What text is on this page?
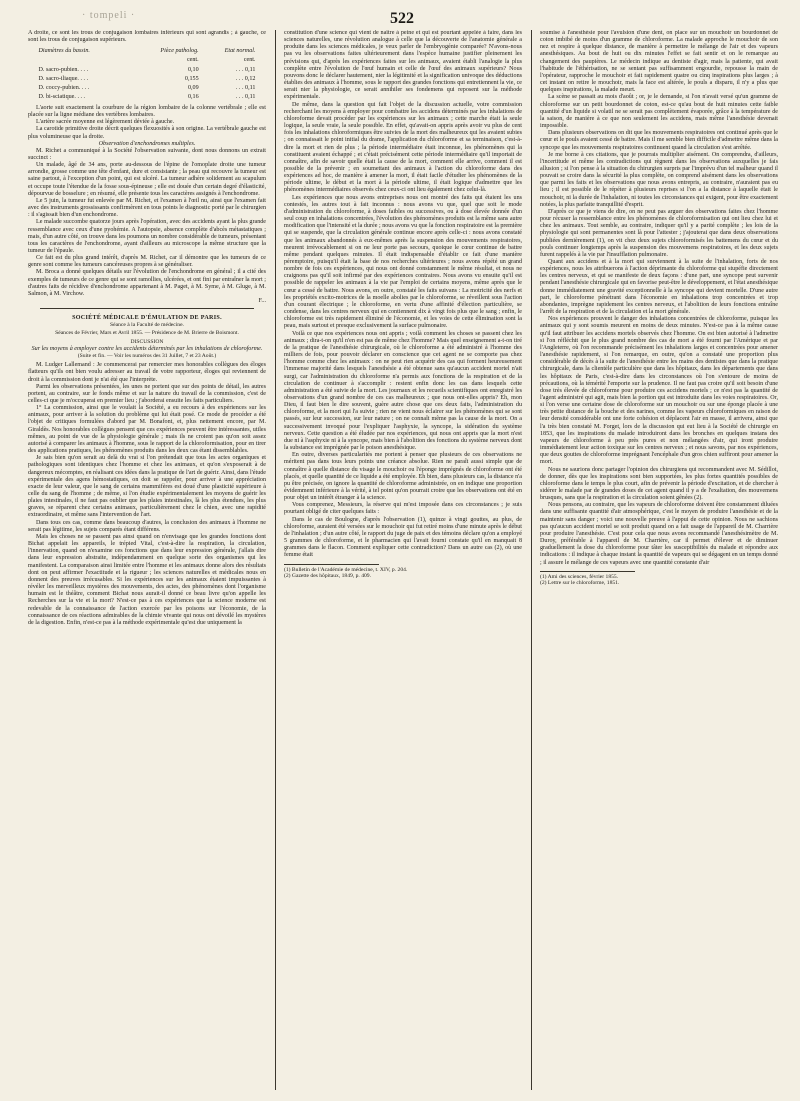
· tompeli ·	522

A droite, ce sont les trous de conjugaison lombaires inférieurs qui sont agrandis ; à gauche, ce sont les trous de conjugaison supérieurs.

Diamètres du bassin.	Pièce patholog.	Etat normal.
	cent.	cent.
D. sacro-pubien. . . .	0,10	. . . 0,11
D. sacro-iliaque. . . .	0,155	. . . 0,12
D. coccy-pubien. . . .	0,09	. . . 0,11
D. bi-sciatique. . . .	0,16	. . . 0,11

L'aorte suit exactement la courbure de la région lombaire de la colonne vertébrale ; elle est placée sur la ligne médiane des vertèbres lombaires.

L'artère sacrée moyenne est légèrement déviée à gauche.

La carotide primitive droite décrit quelques flexuosités à son origine. La vertébrale gauche est plus volumineuse que la droite.

Observation d'enchondromes multiples.

M. Richet a communiqué à la Société l'observation suivante, dont nous donnons un extrait succinct :

Un malade, âgé de 34 ans, porte au-dessous de l'épine de l'omoplate droite une tumeur arrondie, grosse comme une tête d'enfant, dure et consistante ; la peau qui recouvre la tumeur est saine partout, à l'exception d'un point, qui est ulcéré. La tumeur adhère solidement au scapulum et occupe toute l'étendue de la fosse sous-épineuse ; elle est douée d'un certain degré d'élasticité, dépourvue de bosselure ; en résumé, elle présente tous les caractères assignés à l'enchondrome.

Le 5 juin, la tumeur fut enlevée par M. Richet, et l'examen à l'œil nu, ainsi que l'examen fait avec des instruments grossissants confirmèrent en tous points le diagnostic porté par le chirurgien : il s'agissait bien d'un enchondrome.

Le malade succombe quatorze jours après l'opération, avec des accidents ayant la plus grande ressemblance avec ceux d'une pyohémie. A l'autopsie, absence complète d'abcès métastatiques ; mais, d'un autre côté, on trouve dans les poumons un nombre considérable de tumeurs, présentant tous les caractères de l'enchondrome, ayant d'ailleurs au microscope la même structure que la tumeur de l'épaule.

Ce fait est du plus grand intérêt, d'après M. Richet, car il démontre que les tumeurs de ce genre sont comme les tumeurs cancéreuses propres à se généraliser.

M. Broca a donné quelques détails sur l'évolution de l'enchondrome en général ; il a cité des exemples de tumeurs de ce genre qui se sont ramollies, ulcérées, et ont fini par entraîner la mort ; d'autres faits de récidive d'enchondrome appartenant à M. Paget, à M. Syme, à M. Gluge, à M. Salmon, à M. Virchow.

F...

SOCIÉTÉ MÉDICALE D'ÉMULATION DE PARIS.

Séance à la Faculté de médecine.

Séances de Février, Mars et Avril 1855. — Présidence de M. Brierre de Boismont.

DISCUSSION

Sur les moyens à employer contre les accidents déterminés par les inhalations de chloroforme.

(Suite et fin. — Voir les numéros des 31 Juillet, 7 et 23 Août.)

M. Ludger Lallemand : Je commencerai par remercier mes honorables collègues des éloges flatteurs qu'ils ont bien voulu adresser au travail de votre rapporteur, éloges qui reviennent de droit à la commission dont je n'ai été que l'interprète.

Parmi les observations présentées, les unes ne portent que sur des points de détail, les autres portent, au contraire, sur le fonds même et sur la nature du travail de la commission, c'est de celles-ci que je m'occuperai en premier lieu ; j'aborderai ensuite les faits particuliers.

1° La commission, ainsi que le voulait la Société, a eu recours à des expériences sur les animaux, pour arriver à la solution du problème qui lui était posé. Ce mode de procéder a été l'objet de critiques formulées d'abord par M. Bonafont, et, plus nettement encore, par M. Giraldès. Nos honorables collègues pensent que ces expériences peuvent être intéressantes, utiles mêmes, au point de vue de la physiologie générale ; mais ils ne croient pas qu'on soit assez autorisé à comparer les animaux à l'homme, sous le rapport de la chloroformisation, pour en tirer des applications pratiques, les phénomènes produits dans les deux cas étant dissemblables.

Je sais bien qu'on serait au delà du vrai si l'on prétendait que tous les actes organiques et pathologiques sont identiques chez l'homme et chez les animaux, et qu'on s'exposerait à de dangereux mécomptes, en réalisant ces idées dans la pratique de l'art de guérir. Ainsi, dans l'étude expérimentale des agens hémostatiques, on doit se rappeler, pour arriver à une appréciation exacte de leur valeur, que le sang de certains mammifères est doué d'une plasticité supérieure à celle du sang de l'homme ; de même, si l'on étudie expérimentalement les moyens de guérir les plaies intestinales, il ne faut pas oublier que les plaies intestinales, là les plus étendues, les plus graves, se réparent chez certains animaux, particulièrement chez le chien, avec une rapidité extraordinaire, et même sans l'intervention de l'art.

Dans tous ces cas, comme dans beaucoup d'autres, la conclusion des animaux à l'homme ne serait pas légitime, les sujets comparés étant différens.

Mais les choses ne se passent pas ainsi quand on n'envisage que les grandes fonctions dont Bichat appelait les appareils, le trépied Vital, c'est-à-dire la respiration, la circulation, l'innervation, quand on n'examine ces fonctions que dans leur expression générale, j'allais dire dans leur expression abstraite, indépendamment en quelque sorte des organismes qui les manifestent. La comparaison ainsi limitée entre l'homme et les animaux donne alors des résultats dont on peut affirmer l'exactitude et la rigueur ; les sciences naturelles et médicales nous en donnent des preuves irrécusables. Si les expériences sur les animaux étaient impuissantes à révéler les merveilleux mystères des mouvements, des actes, des phénomènes dont l'organisme humain est le théâtre, comment Bichat nous aurait-il donné ce beau livre qu'on appelle les Recherches sur la vie et la mort? N'est-ce pas à ces expériences que la science moderne est redevable de la connaissance de l'action exercée par les poisons sur l'économie, de la connaissance de ces réactions admirables de la chimie vivante qui nous ont dévoilé les mystères de la digestion. Enfin, n'est-ce pas à la méthode expérimentale qu'est due uniquement la

constitution d'une science qui vient de naître à peine et qui est pourtant appelée à faire, dans les sciences naturelles, une révolution analogue à celle que la découverte de l'anatomie générale a produite dans les sciences médicales, je veux parler de l'embryogénie comparée? N'avons-nous pas vu les observations faites ultérieurement dans l'espèce humaine justifier pleinement les prévisions qui, d'après les expériences faites sur les animaux, avaient établi l'analogie la plus complète entre l'évolution de l'œuf humain et celle de l'œuf des animaux supérieurs? Nous pouvons donc le déclarer hautement, nier la légitimité et la signification univoque des déductions établies des animaux à l'homme, sous le rapport des grandes fonctions qui entretiennent la vie, ce serait nier la physiologie, ce serait annihiler ses fondemens qui reposent sur la méthode expérimentale.

De même, dans la question qui fait l'objet de la discussion actuelle, votre commission recherchant les moyens à employer pour combattre les accidens déterminés par les inhalations de chloroforme devait procéder par les expériences sur les animaux ; cette marche était la seule logique, la seule vraie, la seule possible. En effet, qu'avait-on appris après avoir vu plus de cent fois les inhalations chloroformiques être suivies de la mort des malheureux qui les avaient subies ; on connaissait le point initial du drame, l'application du chloroforme et sa terminaison, c'est-à-dire la mort et rien de plus ; la période intermédiaire était inconnue, les phénomènes qui la constituent avaient échappé ; et c'était précisément cette période intermédiaire qu'il importait de connaître, afin de savoir quelle était la cause de la mort, comment elle arrive, comment il est possible de la prévenir ; en soumettant des animaux à l'action du chloroforme dans des expériences ad hoc, de manière à amener la mort, il était facile d'étudier les phénomènes de la période ultime, le début et la mort à la période ultime, il était logique d'admettre que les phénomènes intermédiaires observés chez ceux-ci ont lieu également chez celui-là.

Les expériences que nous avons entreprises nous ont montré des faits qui étaient les uns contestés, les autres tout à fait inconnus : nous avons vu que, quel que soit le mode d'administration du chloroforme, à doses faibles ou successives, ou à dose élevée donnée d'un seul coup en inhalations concentrées, l'évolution des phénomènes produits est la même sans autre modification que l'intensité et la durée ; nous avons vu que la fonction respiratoire est la première qui se suspende, que la circulation générale continue encore après celle-ci : nous avons constaté que les animaux abandonnés à eux-mêmes après la suspension des mouvements respiratoires, meurent irrévocablement si on ne leur porte pas secours, quoique le cœur continue de battre même pendant quelques minutes. Il était indispensable d'établir ce fait d'une manière péremptoire, puisqu'il était la base de nos recherches ultérieures ; nous avons répété un grand nombre de fois ces expériences, qui nous ont donné constamment le même résultat, et nous ne craignons pas qu'il soit infirmé par des expériences contraires. Nous avons vu ensuite qu'il est possible de rappeler les animaux à la vie par l'emploi de certains moyens, même après que le cœur a cessé de battre. Nous avons, en outre, constaté les faits suivans : La motricité des nerfs et les propriétés excito-motrices de la moelle abolies par le chloroforme, se réveillent sous l'action d'un courant électrique ; le chloroforme, en vertu d'une affinité d'élection particulière, se condense, dans les centres nerveux qui en contiennent dix à vingt fois plus que le sang ; enfin, le chloroforme est très rapidement éliminé de l'économie, et les voies de cette élimination sont la peau, mais surtout et presque exclusivement la surface pulmonaire.

Voilà ce que nos expériences nous ont appris ; voilà comment les choses se passent chez les animaux ; dira-t-on qu'il n'en est pas de même chez l'homme? Mais quel enseignement a-t-on tiré de la pratique de l'anesthésie chirurgicale, où le chloroforme a été administré à l'homme des milliers de fois, pour pouvoir déclarer en conscience que cet agent ne se comporte pas chez l'homme comme chez les animaux : on ne peut rien acquérir des cas qui forment heureusement l'immense majorité dans lesquels l'anesthésie a été obtenue sans qu'aucun accident mortel n'ait surgi, car l'administration du chloroforme n'a permis aux fonctions de la respiration et de la circulation de continuer à s'accomplir : restent enfin donc les cas dans lesquels cette administration a été suivie de la mort. Les journaux et les recueils scientifiques ont enregistré les observations d'un grand nombre de ces cas malheureux ; que nous ont-elles appris? Eh, mon Dieu, il faut bien le dire souvent, guère autre chose que ces deux faits, l'administration du chloroforme, et la mort qui l'a suivie ; rien ne vient nous éclairer sur les phénomènes qui se sont passés, sur leur succession, sur leur nature ; on ne connaît même pas la cause de la mort. On a successivement invoqué pour l'expliquer l'asphyxie, la syncope, la sidération du système nerveux. Cette question a été éludée par nos expériences, qui nous ont appris que la mort n'est due ni à l'asphyxie ni à la syncope, mais bien à l'abolition des fonctions du système nerveux dont la substance est imprégnée par le poison anesthésique.

En outre, diverses particularités me portent à penser que plusieurs de ces observations ne méritent pas dans tous leurs points une créance absolue. Rien ne paraît aussi simple que de connaître à quelle distance du visage le mouchoir ou l'éponge imprégnés de chloroforme ont été placés, et quelle quantité de ce liquide a été employée. Eh bien, dans plusieurs cas, la distance n'a pu être précisée, on ignore la quantité de chloroforme administrée, on en indique une proportion évidemment inférieure à la vérité, à tel point qu'on pourrait croire que les observations ont été en pour objet un intérêt étranger à la science.

Vous comprenez, Messieurs, la réserve qui m'est imposée dans ces circonstances ; je suis pourtant obligé de citer quelques faits :

Dans le cas de Boulogne, d'après l'observation (1), quinze à vingt gouttes, au plus, de chloroforme, auraient été versées sur le mouchoir qui fut retiré moins d'une minute après le début de l'inhalation ; d'un autre côté, le rapport du juge de paix et des témoins déclare qu'on a employé 5 grammes de chloroforme, et le pharmacien qui l'avait fourni constate qu'il en manquait 8 grammes dans le flacon. Comment expliquer cette contradiction? Dans un autre cas (2), où une femme était

(1) Bulletin de l'Académie de médecine, t. XIV, p. 204.

(2) Gazette des hôpitaux, 1849, p. 409.

soumise à l'anesthésie pour l'avulsion d'une dent, on place sur un mouchoir un bourdonnet de coton imbibé de moins d'un gramme de chloroforme. La malade approche le mouchoir de son nez et respire à quelque distance, de manière à permettre le mélange de l'air et des vapeurs anesthésiques. Au bout de huit ou dix minutes l'effet se fait sentir et on le remarque au changement des paupières. Le médecin indique au dentiste d'agir, mais la patiente, qui avait l'habitude de l'éthérisation, ne se sentant pas suffisamment engourdie, repousse la main de l'opérateur, rapproche le mouchoir et fait rapidement quatre ou cinq inspirations plus larges ; à cet instant on retire le mouchoir, mais la face est altérée, le pouls a disparu, il n'y a plus que quelques inspirations, la malade meurt.

La scène se passait au mois d'août ; or, je le demande, si l'on n'avait versé qu'un gramme de chloroforme sur un petit bourdonnet de coton, est-ce qu'au bout de huit minutes cette faible quantité d'un liquide si volatil ne se serait pas complètement évaporée, grâce à la température de la saison, de manière à ce que non seulement les accidens, mais même l'anesthésie devenait impossible.

Dans plusieurs observations on dit que les mouvements respiratoires ont continué après que le cœur et le pouls avaient cessé de battre. Mais il me semble bien difficile d'admettre même dans la syncope que les mouvements respiratoires continuent quand la circulation s'est arrêtée.

Je me borne à ces citations, que je pourrais multiplier aisément. On comprendra, d'ailleurs, l'incertitude et même les contradictions qui règnent dans les observations auxquelles je fais allusion ; si l'on pense à la situation du chirurgien surpris par l'imprévu d'un tel malheur quand il pouvait se croire dans la sécurité la plus complète, on comprend aisément dans les observations que parmi les faits et les observations que nous avons entrepris, au contraire, n'auraient pas eu lieu ; il est possible de le répéter à plusieurs reprises si l'on a la distance à laquelle était le mouchoir, ni la durée de l'inhalation, ni toutes les circonstances qui exigent, pour être exactement notées, la plus parfaite tranquillité d'esprit.

D'après ce que je viens de dire, on ne peut pas arguer des observations faites chez l'homme pour récuser la ressemblance entre les phénomènes de chloroformisation qui ont lieu chez lui et chez les animaux. Tout semble, au contraire, indiquer qu'il y a parité complète ; les lois de la physiologie qui sont permanentes sont là pour l'attester ; j'ajouterai que dans deux observations publiées dernièrement (1), on vit chez deux sujets chloroformisés les battemens du cœur et du pouls continuer longtemps après la suspension des mouvemens respiratoires, et les deux sujets furent rappelés à la vie par l'insufflation pulmonaire.

Quant aux accidens et à la mort qui surviennent à la suite de l'inhalation, forts de nos expériences, nous les attribuerons à l'action déprimante du chloroforme qui stupéfie directement les centres nerveux, et qui se manifeste de deux façons : d'une part, une syncope peut survenir pendant l'anesthésie chirurgicale qui en favorise peut-être le développement, et l'état anesthésique donne immédiatement une gravité exceptionnelle à la syncope qui devient mortelle. D'une autre part, le chloroforme pénétrant dans l'économie en inhalations trop concentrées et trop abondantes, imprègne rapidement les centres nerveux, et l'abolition de leurs fonctions entraîne l'arrêt de la respiration et de la circulation et la mort générale.

Nos expériences prouvent le danger des inhalations concentrées de chloroforme, puisque les animaux qui y sont soumis meurent en moins de deux minutes. N'est-ce pas à la même cause qu'il faut attribuer les accidens mortels observés chez l'homme. On est bien autorisé à l'admettre si l'on réfléchit que le plus grand nombre des cas de mort a été fourni par l'Amérique et par l'Angleterre, où l'on recommande précisément les inhalations larges et concentrées pour amener l'anesthésie rapidement, si l'on remarque, en outre, qu'on a constaté une proportion plus considérable de décès à la suite de l'anesthésie entre les mains des dentistes que dans la pratique chirurgicale, dans la clientèle particulière que dans les hôpitaux, dans les départements que dans les hôpitaux de Paris, c'est-à-dire dans les circonstances où l'on s'entoure de moins de précautions, où la témérité l'emporte sur la prudence. Il ne faut pas croire qu'il soit besoin d'une dose très élevée de chloroforme pour produire ces accidens mortels ; ce n'est pas la quantité de l'agent administré qui agit, mais bien la portion qui est introduite dans les voies respiratoires. Or, si l'on verse une certaine dose de chloroforme sur un mouchoir ou sur une éponge placée à une très petite distance de la bouche et des narines, comme les vapeurs chloroformiques en raison de leur densité considérable ont une forte cohésion et déplacent l'air en masse, il arrivera, ainsi que l'a très bien constaté M. Forget, lors de la discussion qui eut lieu à la Société de chirurgie en 1853, que les inspirations du malade introduiront dans les bronches en quelques instans des vapeurs de chloroforme à peu près pures et non mélangées d'air, qui iront produire immédiatement leur action toxique sur les centres nerveux ; et nous savons, par nos expériences, que deux gouttes de chloroforme imprégnant l'encéphale d'un gros chien suffiront pour amener la mort.

Nous ne saurions donc partager l'opinion des chirurgiens qui recommandent avec M. Sédillot, de donner, dès que les inspirations sont bien supportées, les plus fortes quantités possibles de chloroforme dans le temps le plus court, afin de prévenir la période d'excitation, et de chercher à sidérer le malade par de grandes doses de cet agent quand il y a de l'exaltation, des mouvemens brusques, sans que la respiration et la circulation soient gênées (2).

Nous pensons, au contraire, que les vapeurs de chloroforme doivent être constamment diluées dans une suffisante quantité d'air atmosphérique, c'est le moyen de produire l'anesthésie et de la maintenir sans danger ; voici une nouvelle preuve à l'appui de cette opinion. Nous ne sachions pas qu'aucun accident mortel se soit produit quand on a fait usage de l'appareil de M. Charrière pour produire l'anesthésie. C'est pour cela que nous avons recommandé l'anesthésimètre de M. Duroy, préférable à l'appareil de M. Charrière, car il permet d'élever et de diminuer graduellement la dose du chloroforme pour tâter les susceptibilités du malade et répondre aux indications : il indique à chaque instant la quantité de vapeurs qui se dégagent en un temps donné ; il assure le mélange de ces vapeurs avec une quantité constante d'air

(1) Ami des sciences, février 1855.

(2) Lettre sur le chloroforme, 1851.
